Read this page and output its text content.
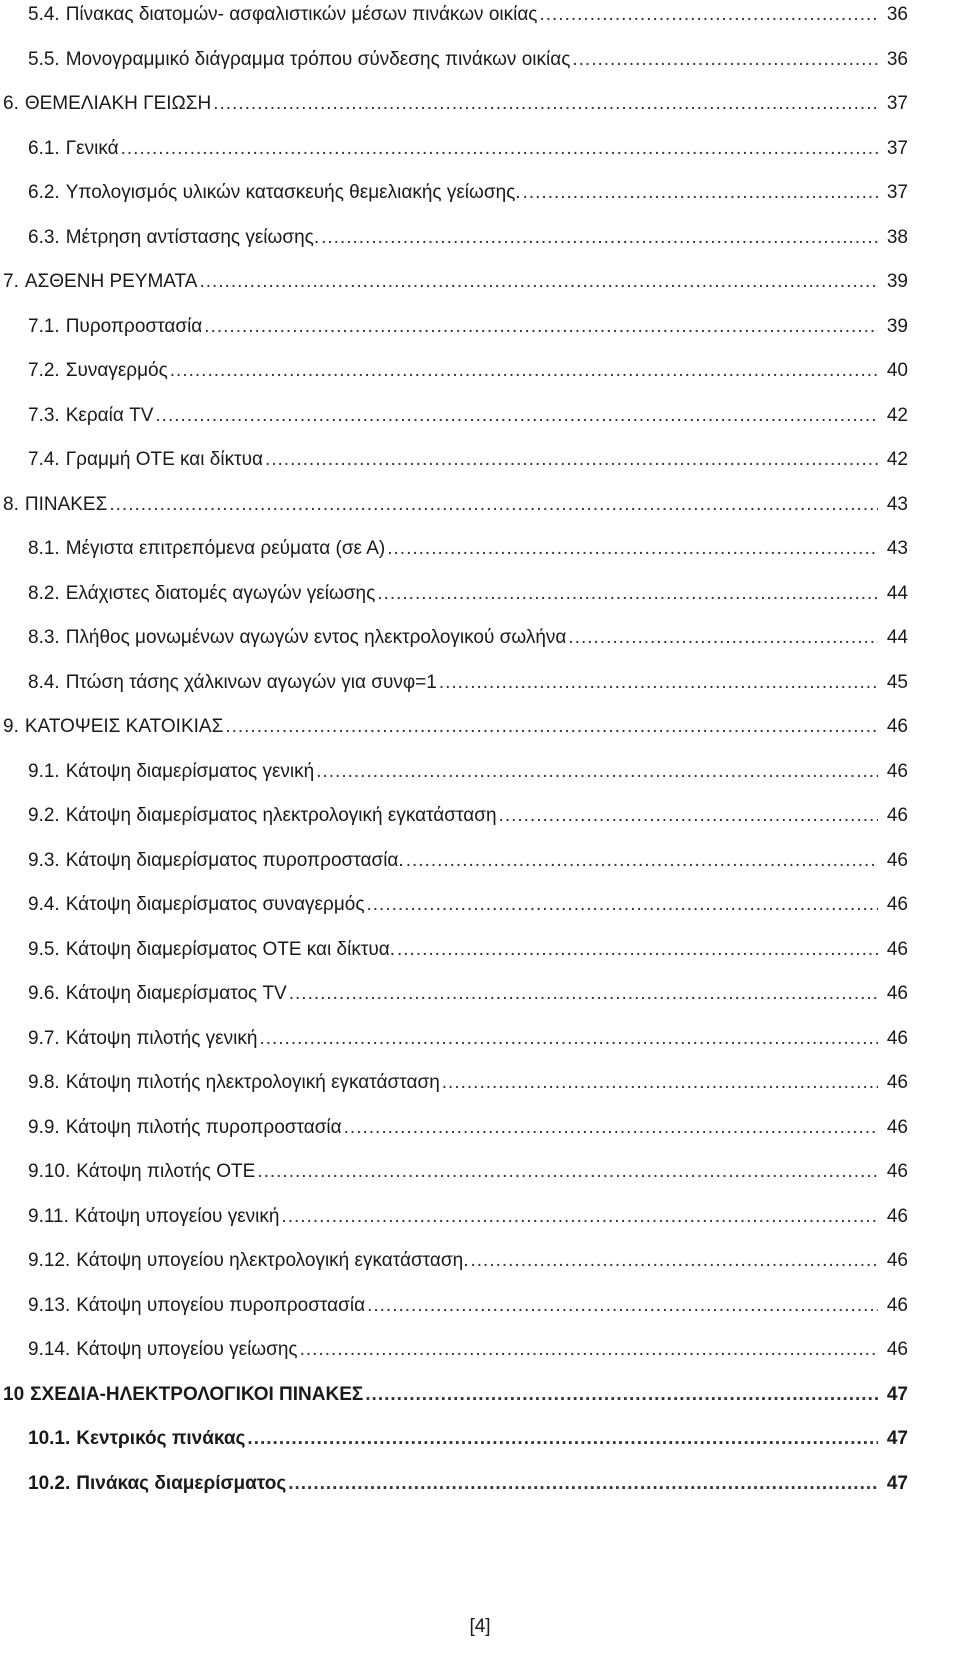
5.4. Πίνακας διατομών- ασφαλιστικών μέσων πινάκων οικίας .....	36
5.5. Μονογραμμικό διάγραμμα τρόπου σύνδεσης πινάκων οικίας .....	36
6. ΘΕΜΕΛΙΑΚΗ ΓΕΙΩΣΗ .....	37
6.1. Γενικά .....	37
6.2. Υπολογισμός υλικών κατασκευής θεμελιακής γείωσης. .....	37
6.3. Μέτρηση αντίστασης γείωσης. .....	38
7. ΑΣΘΕΝΗ ΡΕΥΜΑΤΑ .....	39
7.1. Πυροπροστασία .....	39
7.2. Συναγερμός .....	40
7.3. Κεραία TV .....	42
7.4. Γραμμή ΟΤΕ και δίκτυα .....	42
8. ΠΙΝΑΚΕΣ .....	43
8.1. Μέγιστα επιτρεπόμενα ρεύματα (σε Α) .....	43
8.2. Ελάχιστες διατομές αγωγών γείωσης .....	44
8.3. Πλήθος μονωμένων αγωγών εντος ηλεκτρολογικού σωλήνα .....	44
8.4. Πτώση τάσης χάλκινων αγωγών για συνφ=1 .....	45
9. ΚΑΤΟΨΕΙΣ ΚΑΤΟΙΚΙΑΣ .....	46
9.1. Κάτοψη διαμερίσματος γενική .....	46
9.2. Κάτοψη διαμερίσματος ηλεκτρολογική εγκατάσταση .....	46
9.3. Κάτοψη διαμερίσματος πυροπροστασία. .....	46
9.4. Κάτοψη διαμερίσματος συναγερμός .....	46
9.5. Κάτοψη διαμερίσματος ΟΤΕ και δίκτυα. .....	46
9.6. Κάτοψη διαμερίσματος TV .....	46
9.7. Κάτοψη πιλοτής γενική .....	46
9.8. Κάτοψη πιλοτής ηλεκτρολογική εγκατάσταση .....	46
9.9. Κάτοψη πιλοτής πυροπροστασία .....	46
9.10. Κάτοψη πιλοτής ΟΤΕ .....	46
9.11. Κάτοψη υπογείου γενική .....	46
9.12. Κάτοψη υπογείου ηλεκτρολογική εγκατάσταση. .....	46
9.13. Κάτοψη υπογείου πυροπροστασία .....	46
9.14. Κάτοψη υπογείου γείωσης .....	46
10 ΣΧΕΔΙΑ-ΗΛΕΚΤΡΟΛΟΓΙΚΟΙ ΠΙΝΑΚΕΣ .....	47
10.1. Κεντρικός πινάκας .....	47
10.2. Πινάκας διαμερίσματος .....	47
[4]
